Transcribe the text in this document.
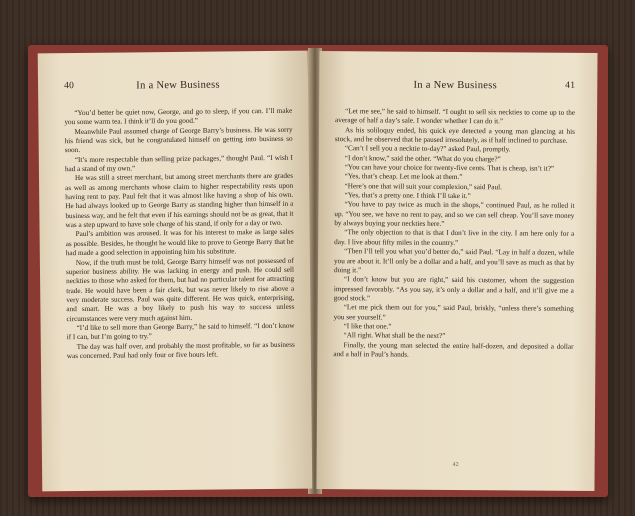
40	In a New Business

“You’d better be quiet now, George, and go to sleep, if you can. I’ll make you some warm tea. I think it’ll do you good.”

Meanwhile Paul assumed charge of George Barry’s business. He was sorry his friend was sick, but he congratulated himself on getting into business so soon.

“It’s more respectable than selling prize packages,” thought Paul. “I wish I had a stand of my own.”

He was still a street merchant, but among street merchants there are grades as well as among merchants whose claim to higher respectability rests upon having rent to pay. Paul felt that it was almost like having a shop of his own. He had always looked up to George Barry as standing higher than himself in a business way, and he felt that even if his earnings should not be as great, that it was a step upward to have sole charge of his stand, if only for a day or two.

Paul’s ambition was aroused. It was for his interest to make as large sales as possible. Besides, he thought he would like to prove to George Barry that he had made a good selection in appointing him his substitute.

Now, if the truth must be told, George Barry himself was not possessed of superior business ability. He was lacking in energy and push. He could sell neckties to those who asked for them, but had no particular talent for attracting trade. He would have been a fair clerk, but was never likely to rise above a very moderate success. Paul was quite different. He was quick, enterprising, and smart. He was a boy likely to push his way to success unless circumstances were very much against him.

“I’d like to sell more than George Barry,” he said to himself. “I don’t know if I can, but I’m going to try.”

The day was half over, and probably the most profitable, so far as business was concerned. Paul had only four or five hours left.

In a New Business	41

“Let me see,” he said to himself. “I ought to sell six neckties to come up to the average of half a day’s sale. I wonder whether I can do it.”

As his soliloquy ended, his quick eye detected a young man glancing at his stock, and he observed that he paused irresolutely, as if half inclined to purchase.

“Can’t I sell you a necktie to-day?” asked Paul, promptly.

“I don’t know,” said the other. “What do you charge?”

“You can have your choice for twenty-five cents. That is cheap, isn’t it?”

“Yes, that’s cheap. Let me look at them.”

“Here’s one that will suit your complexion,” said Paul.

“Yes, that’s a pretty one. I think I’ll take it.”

“You have to pay twice as much in the shops,” continued Paul, as he rolled it up. “You see, we have no rent to pay, and so we can sell cheap. You’ll save money by always buying your neckties here.”

“The only objection to that is that I don’t live in the city. I am here only for a day. I live about fifty miles in the country.”

“Then I’ll tell you what you’d better do,” said Paul. “Lay in half a dozen, while you are about it. It’ll only be a dollar and a half, and you’ll save as much as that by doing it.”

“I don’t know but you are right,” said his customer, whom the suggestion impressed favorably. “As you say, it’s only a dollar and a half, and it’ll give me a good stock.”

“Let me pick them out for you,” said Paul, briskly, “unless there’s something you see yourself.”

“I like that one.”

“All right. What shall be the next?”

Finally, the young man selected the entire half-dozen, and deposited a dollar and a half in Paul’s hands.

42
